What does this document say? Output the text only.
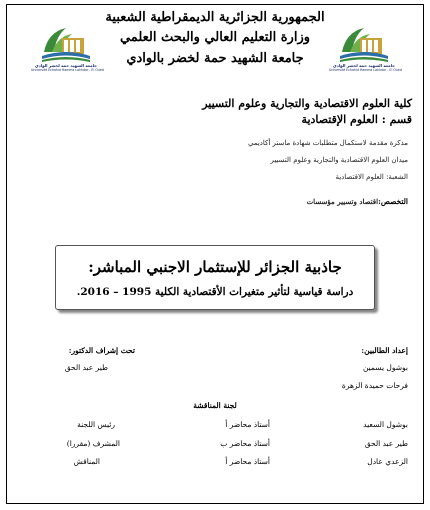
الجمهورية الجزائرية الديمقراطية الشعبية
وزارة التعليم العالي والبحث العلمي
جامعة الشهيد حمة لخضر بالوادي
جامعة الشهيد حمة لخضر الوادي
Université Echahid Hamma Lakhdar - El Oued
جامعة الشهيد حمة لخضر الوادي
Université Echahid Hamma Lakhdar - El Oued
كلية العلوم الاقتصادية والتجارية وعلوم التسيير
قسم : العلوم الإقتصادية
مذكرة مقدمة لاستكمال متطلبات شهادة ماستر أكاديمي
ميدان العلوم الاقتصادية والتجارية وعلوم التسيير
الشعبة: العلوم الاقتصادية
التخصص:اقتصاد وتسيير مؤسسات
جاذبية الجزائر للإستثمار الاجنبي المباشر:
دراسة قياسية لتأثير متغيرات الأقتصادية الكلية 1995 – 2016.
إعداد الطالبين:
بوشول يسمين
فرحات حميدة الزهرة
تحت إشراف الدكتور:
طير عبد الحق
لجنة المناقشة
بوشول السعيد
أستاذ محاضر أ
رئيس اللجنة
طير عبد الحق
أستاذ محاضر ب
المشرف (مقررا)
الزعدي عادل
أستاذ محاضر أ
المناقش
